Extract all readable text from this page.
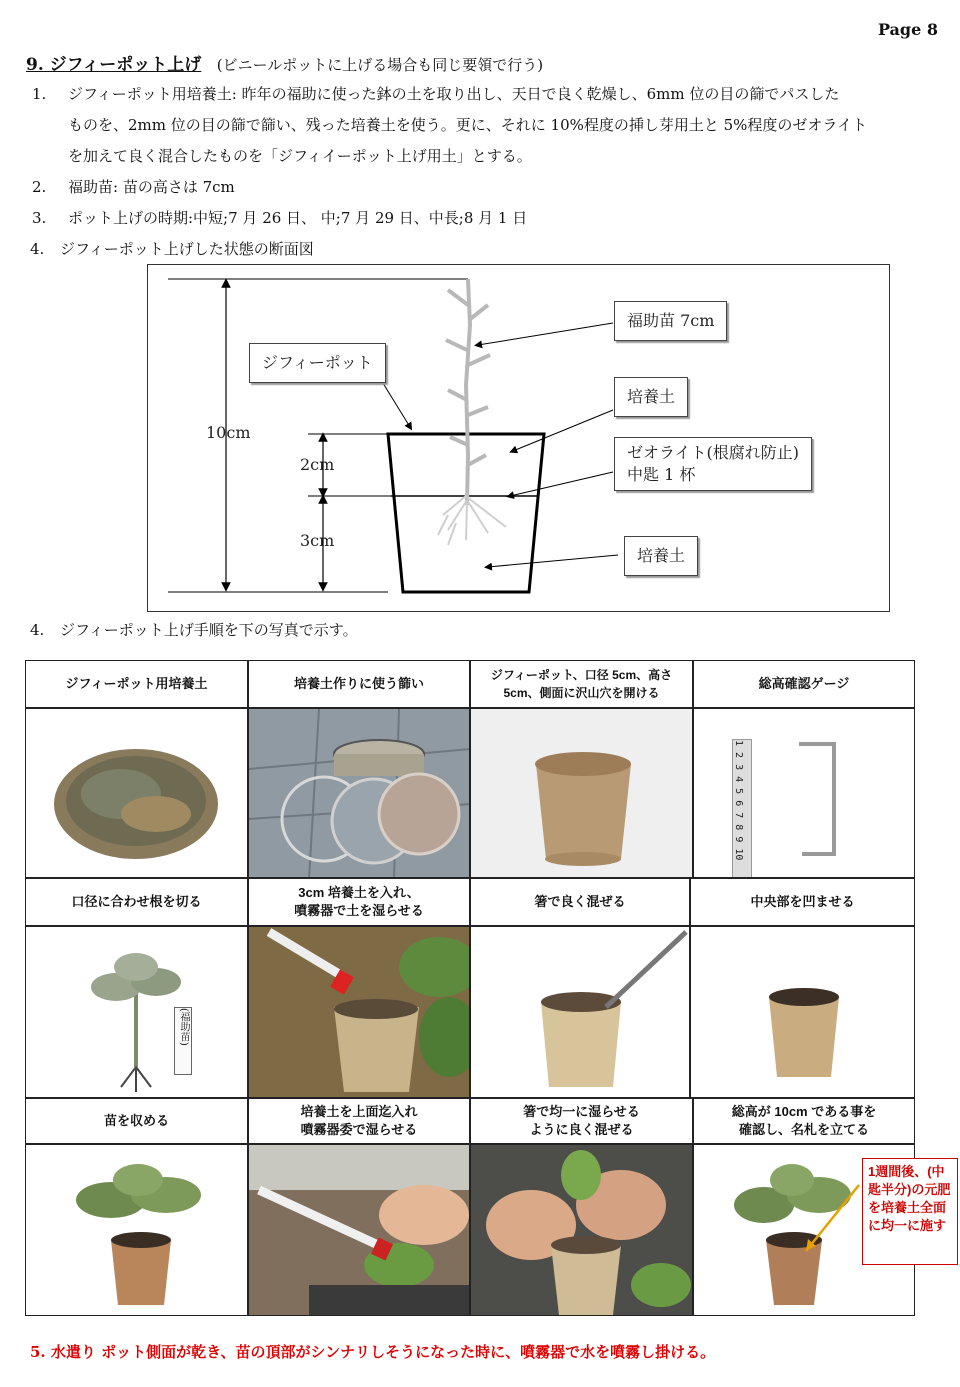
Page 8
9. ジフィーポット上げ (ビニールポットに上げる場合も同じ要領で行う)
1. ジフィーポット用培養土: 昨年の福助に使った鉢の土を取り出し、天日で良く乾燥し、6mm 位の目の篩でパスした
ものを、2mm 位の目の篩で篩い、残った培養土を使う。更に、それに 10%程度の挿し芽用土と 5%程度のゼオライト
を加えて良く混合したものを「ジフィイーポット上げ用土」とする。
2. 福助苗: 苗の高さは 7cm
3. ポット上げの時期:中短;7 月 26 日、 中;7 月 29 日、中長;8 月 1 日
4. ジフィーポット上げした状態の断面図
福助苗 7cm
ジフィーポット
培養土
ゼオライト(根腐れ防止)
中匙 1 杯
培養土
10cm
2cm
3cm
4. ジフィーポット上げ手順を下の写真で示す。
ジフィーポット用培養土	培養土作りに使う篩い
ジフィーポット、口径 5cm、高さ
5cm、側面に沢山穴を開ける
総高確認ゲージ
1 2 3 4 5 6 7 8 9 10
口径に合わせ根を切る
3cm 培養土を入れ、
噴霧器で土を湿らせる
箸で良く混ぜる	中央部を凹ませる
(福助苗)
苗を収める
培養土を上面迄入れ
噴霧器委で湿らせる
箸で均一に湿らせる
ように良く混ぜる
総高が 10cm である事を
確認し、名札を立てる
1週間後、(中匙半分)の元肥を培養土全面に均一に施す
5. 水遣り ポット側面が乾き、苗の頂部がシンナリしそうになった時に、噴霧器で水を噴霧し掛ける。
